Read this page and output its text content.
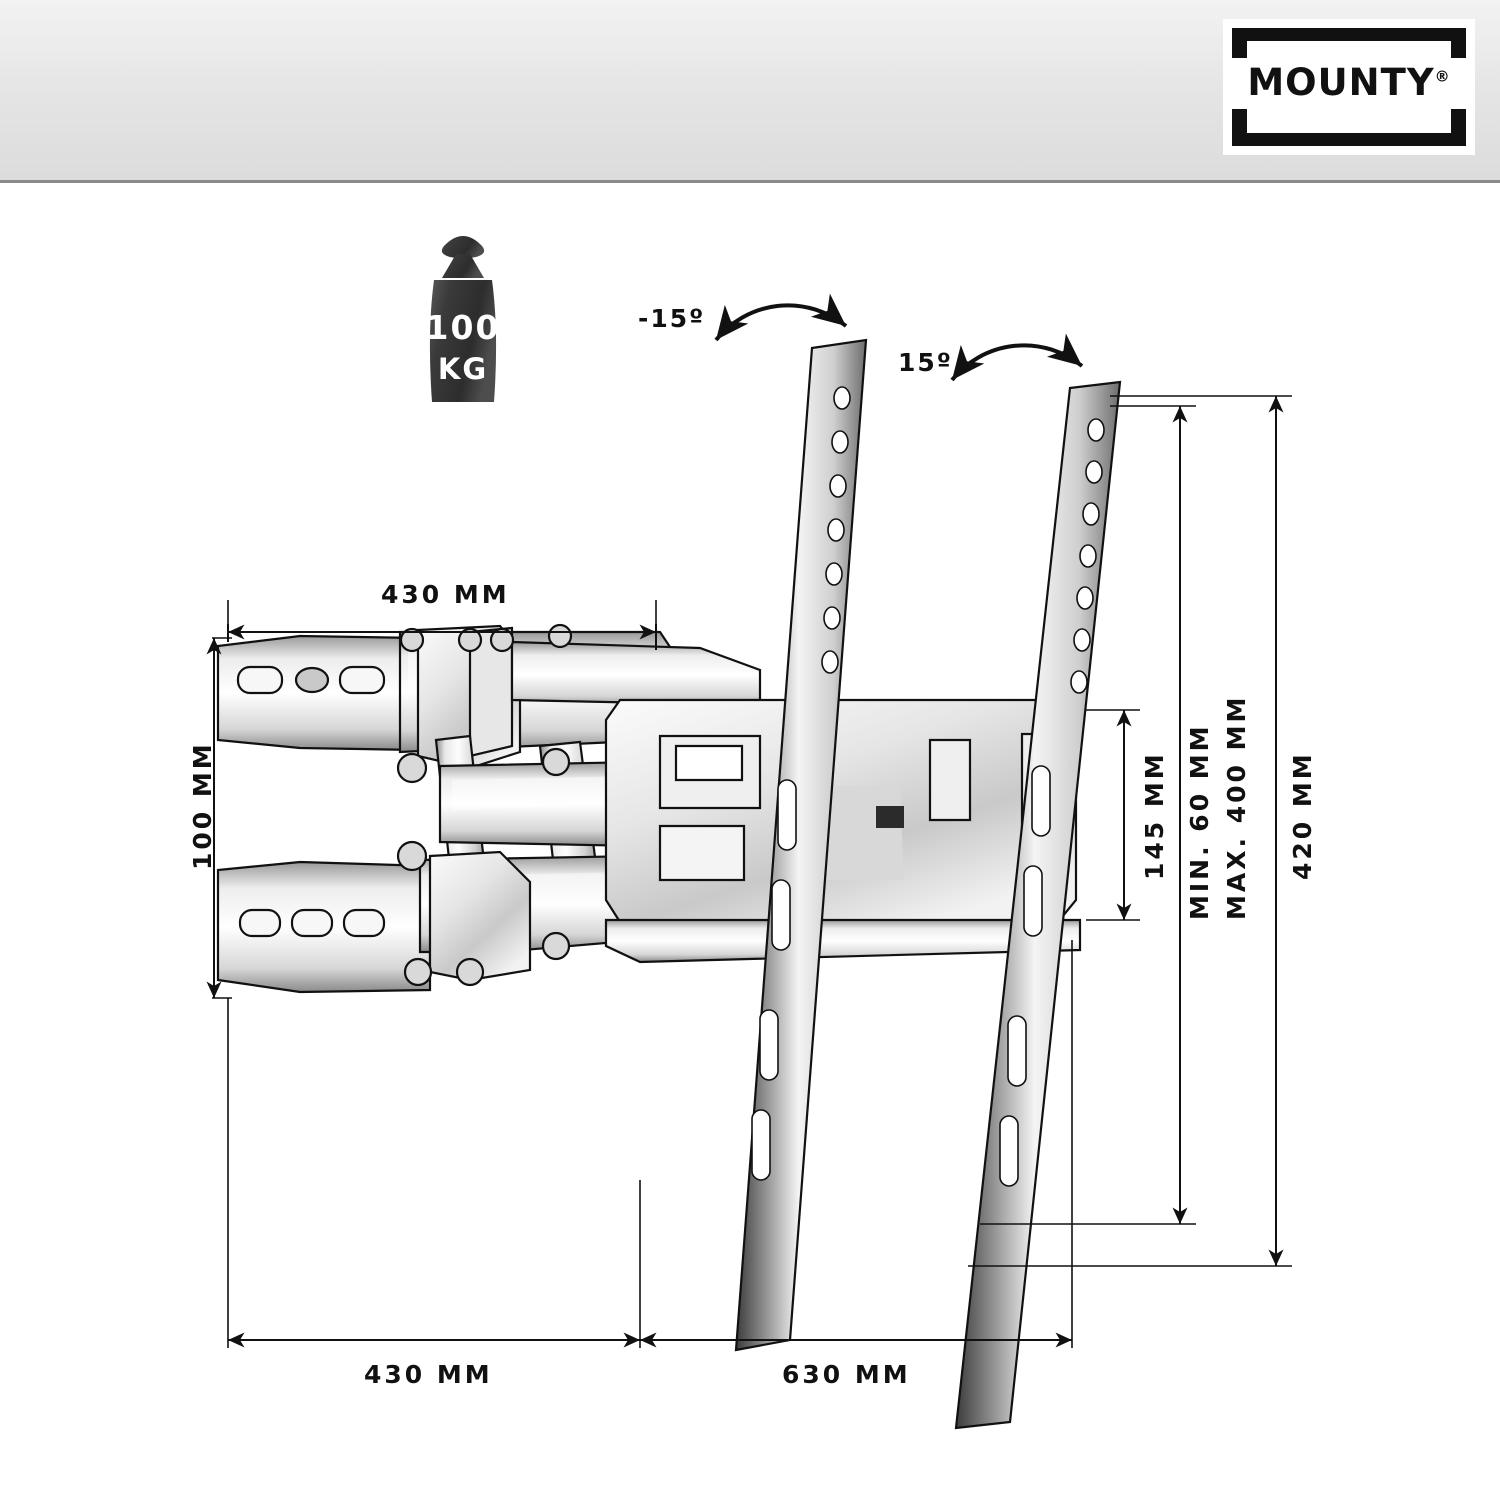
MOUNTY®
100
KG
-15º
15º
430 MM
100 MM	145 MM MIN. 60 MM MAX. 400 MM 420 MM
430 MM	630 MM
